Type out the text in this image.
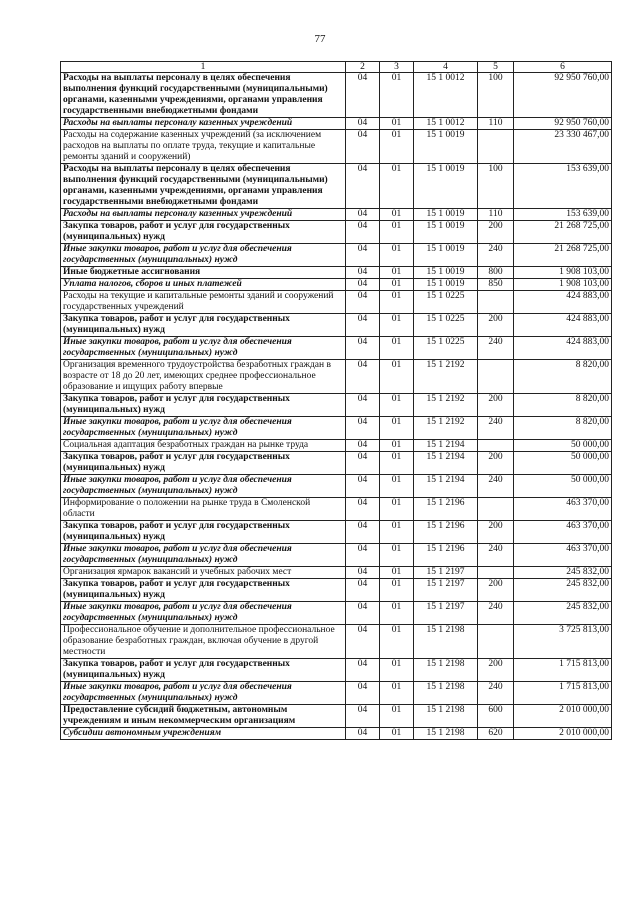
77
1	2	3	4	5	6
Расходы на выплаты персоналу в целях обеспечения выполнения функций государственными (муниципальными) органами, казенными учреждениями, органами управления государственными внебюджетными фондами	04	01	15 1 0012	100	92 950 760,00
Расходы на выплаты персоналу казенных учреждений	04	01	15 1 0012	110	92 950 760,00
Расходы на содержание казенных учреждений (за исключением расходов на выплаты по оплате труда, текущие и капитальные ремонты зданий и сооружений)	04	01	15 1 0019		23 330 467,00
Расходы на выплаты персоналу в целях обеспечения выполнения функций государственными (муниципальными) органами, казенными учреждениями, органами управления государственными внебюджетными фондами	04	01	15 1 0019	100	153 639,00
Расходы на выплаты персоналу казенных учреждений	04	01	15 1 0019	110	153 639,00
Закупка товаров, работ и услуг для государственных (муниципальных) нужд	04	01	15 1 0019	200	21 268 725,00
Иные закупки товаров, работ и услуг для обеспечения государственных (муниципальных) нужд	04	01	15 1 0019	240	21 268 725,00
Иные бюджетные ассигнования	04	01	15 1 0019	800	1 908 103,00
Уплата налогов, сборов и иных платежей	04	01	15 1 0019	850	1 908 103,00
Расходы на текущие и капитальные ремонты зданий и сооружений государственных учреждений	04	01	15 1 0225		424 883,00
Закупка товаров, работ и услуг для государственных (муниципальных) нужд	04	01	15 1 0225	200	424 883,00
Иные закупки товаров, работ и услуг для обеспечения государственных (муниципальных) нужд	04	01	15 1 0225	240	424 883,00
Организация временного трудоустройства безработных граждан в возрасте от 18 до 20 лет, имеющих среднее профессиональное образование и ищущих работу впервые	04	01	15 1 2192		8 820,00
Закупка товаров, работ и услуг для государственных (муниципальных) нужд	04	01	15 1 2192	200	8 820,00
Иные закупки товаров, работ и услуг для обеспечения государственных (муниципальных) нужд	04	01	15 1 2192	240	8 820,00
Социальная адаптация безработных граждан на рынке труда	04	01	15 1 2194		50 000,00
Закупка товаров, работ и услуг для государственных (муниципальных) нужд	04	01	15 1 2194	200	50 000,00
Иные закупки товаров, работ и услуг для обеспечения государственных (муниципальных) нужд	04	01	15 1 2194	240	50 000,00
Информирование о положении на рынке труда в Смоленской области	04	01	15 1 2196		463 370,00
Закупка товаров, работ и услуг для государственных (муниципальных) нужд	04	01	15 1 2196	200	463 370,00
Иные закупки товаров, работ и услуг для обеспечения государственных (муниципальных) нужд	04	01	15 1 2196	240	463 370,00
Организация ярмарок вакансий и учебных рабочих мест	04	01	15 1 2197		245 832,00
Закупка товаров, работ и услуг для государственных (муниципальных) нужд	04	01	15 1 2197	200	245 832,00
Иные закупки товаров, работ и услуг для обеспечения государственных (муниципальных) нужд	04	01	15 1 2197	240	245 832,00
Профессиональное обучение и дополнительное профессиональное образование безработных граждан, включая обучение в другой местности	04	01	15 1 2198		3 725 813,00
Закупка товаров, работ и услуг для государственных (муниципальных) нужд	04	01	15 1 2198	200	1 715 813,00
Иные закупки товаров, работ и услуг для обеспечения государственных (муниципальных) нужд	04	01	15 1 2198	240	1 715 813,00
Предоставление субсидий бюджетным, автономным учреждениям и иным некоммерческим организациям	04	01	15 1 2198	600	2 010 000,00
Субсидии автономным учреждениям	04	01	15 1 2198	620	2 010 000,00
